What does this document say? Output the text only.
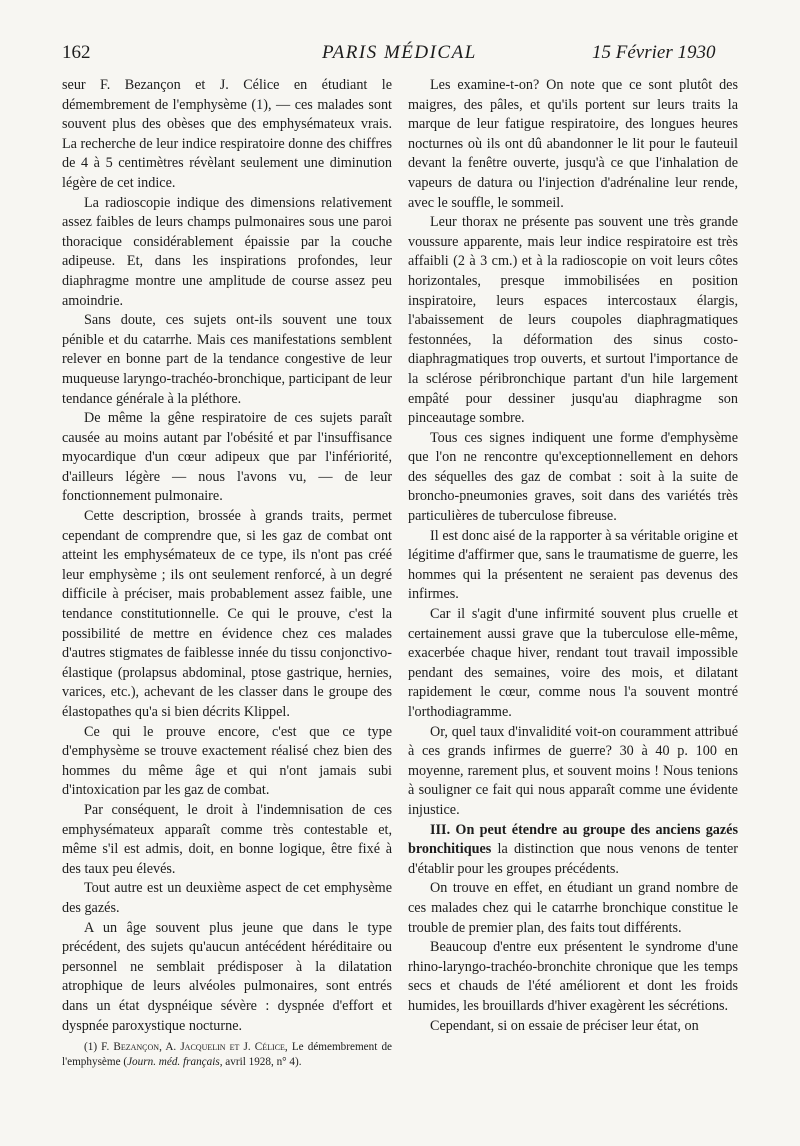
162	PARIS MÉDICAL	15 Février 1930

seur F. Bezançon et J. Célice en étudiant le démembrement de l'emphysème (1), — ces malades sont souvent plus des obèses que des emphysémateux vrais. La recherche de leur indice respiratoire donne des chiffres de 4 à 5 centimètres révèlant seulement une diminution légère de cet indice.

La radioscopie indique des dimensions relativement assez faibles de leurs champs pulmonaires sous une paroi thoracique considérablement épaissie par la couche adipeuse. Et, dans les inspirations profondes, leur diaphragme montre une amplitude de course assez peu amoindrie.

Sans doute, ces sujets ont-ils souvent une toux pénible et du catarrhe. Mais ces manifestations semblent relever en bonne part de la tendance congestive de leur muqueuse laryngo-trachéo-bronchique, participant de leur tendance générale à la pléthore.

De même la gêne respiratoire de ces sujets paraît causée au moins autant par l'obésité et par l'insuffisance myocardique d'un cœur adipeux que par l'infériorité, d'ailleurs légère — nous l'avons vu, — de leur fonctionnement pulmonaire.

Cette description, brossée à grands traits, permet cependant de comprendre que, si les gaz de combat ont atteint les emphysémateux de ce type, ils n'ont pas créé leur emphysème ; ils ont seulement renforcé, à un degré difficile à préciser, mais probablement assez faible, une tendance constitutionnelle. Ce qui le prouve, c'est la possibilité de mettre en évidence chez ces malades d'autres stigmates de faiblesse innée du tissu conjonctivo-élastique (prolapsus abdominal, ptose gastrique, hernies, varices, etc.), achevant de les classer dans le groupe des élastopathes qu'a si bien décrits Klippel.

Ce qui le prouve encore, c'est que ce type d'emphysème se trouve exactement réalisé chez bien des hommes du même âge et qui n'ont jamais subi d'intoxication par les gaz de combat.

Par conséquent, le droit à l'indemnisation de ces emphysémateux apparaît comme très contestable et, même s'il est admis, doit, en bonne logique, être fixé à des taux peu élevés.

Tout autre est un deuxième aspect de cet emphysème des gazés.

A un âge souvent plus jeune que dans le type précédent, des sujets qu'aucun antécédent héréditaire ou personnel ne semblait prédisposer à la dilatation atrophique de leurs alvéoles pulmonaires, sont entrés dans un état dyspnéique sévère : dyspnée d'effort et dyspnée paroxystique nocturne.

(1) F. Bezançon, A. Jacquelin et J. Célice, Le démembrement de l'emphysème (Journ. méd. français, avril 1928, n° 4).

Les examine-t-on? On note que ce sont plutôt des maigres, des pâles, et qu'ils portent sur leurs traits la marque de leur fatigue respiratoire, des longues heures nocturnes où ils ont dû abandonner le lit pour le fauteuil devant la fenêtre ouverte, jusqu'à ce que l'inhalation de vapeurs de datura ou l'injection d'adrénaline leur rende, avec le souffle, le sommeil.

Leur thorax ne présente pas souvent une très grande voussure apparente, mais leur indice respiratoire est très affaibli (2 à 3 cm.) et à la radioscopie on voit leurs côtes horizontales, presque immobilisées en position inspiratoire, leurs espaces intercostaux élargis, l'abaissement de leurs coupoles diaphragmatiques festonnées, la déformation des sinus costo-diaphragmatiques trop ouverts, et surtout l'importance de la sclérose péribronchique partant d'un hile largement empâté pour dessiner jusqu'au diaphragme son pinceautage sombre.

Tous ces signes indiquent une forme d'emphysème que l'on ne rencontre qu'exceptionnellement en dehors des séquelles des gaz de combat : soit à la suite de broncho-pneumonies graves, soit dans des variétés très particulières de tuberculose fibreuse.

Il est donc aisé de la rapporter à sa véritable origine et légitime d'affirmer que, sans le traumatisme de guerre, les hommes qui la présentent ne seraient pas devenus des infirmes.

Car il s'agit d'une infirmité souvent plus cruelle et certainement aussi grave que la tuberculose elle-même, exacerbée chaque hiver, rendant tout travail impossible pendant des semaines, voire des mois, et dilatant rapidement le cœur, comme nous l'a souvent montré l'orthodiagramme.

Or, quel taux d'invalidité voit-on couramment attribué à ces grands infirmes de guerre? 30 à 40 p. 100 en moyenne, rarement plus, et souvent moins ! Nous tenions à souligner ce fait qui nous apparaît comme une évidente injustice.

III. On peut étendre au groupe des anciens gazés bronchitiques la distinction que nous venons de tenter d'établir pour les groupes précédents.

On trouve en effet, en étudiant un grand nombre de ces malades chez qui le catarrhe bronchique constitue le trouble de premier plan, des faits tout différents.

Beaucoup d'entre eux présentent le syndrome d'une rhino-laryngo-trachéo-bronchite chronique que les temps secs et chauds de l'été améliorent et dont les froids humides, les brouillards d'hiver exagèrent les sécrétions.

Cependant, si on essaie de préciser leur état, on
